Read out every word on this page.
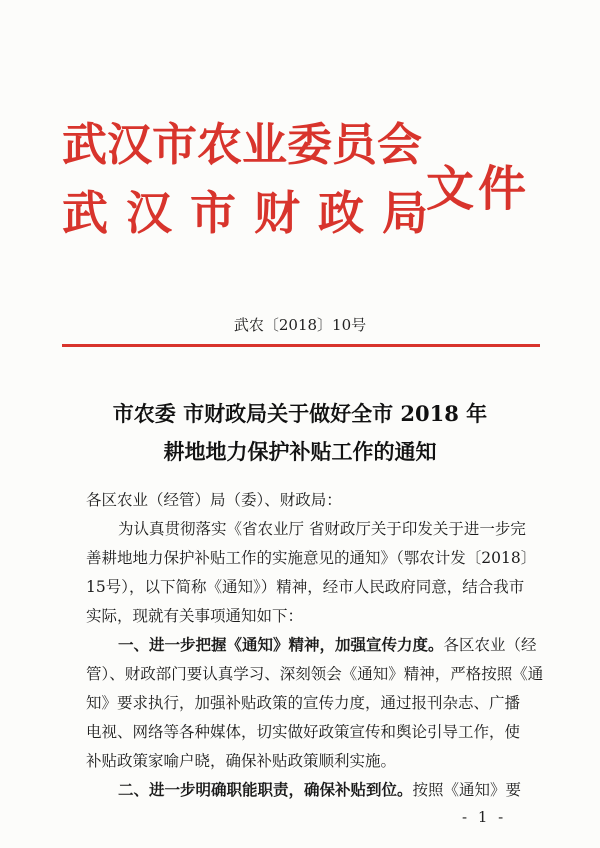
武汉市农业委员会
武汉市财政局
文件
武农〔2018〕10号
市农委 市财政局关于做好全市 2018 年
耕地地力保护补贴工作的通知
各区农业（经管）局（委）、财政局：
为认真贯彻落实《省农业厅 省财政厅关于印发关于进一步完
善耕地地力保护补贴工作的实施意见的通知》（鄂农计发〔2018〕
15号），以下简称《通知》）精神，经市人民政府同意，结合我市
实际，现就有关事项通知如下：
一、进一步把握《通知》精神，加强宣传力度。各区农业（经
管）、财政部门要认真学习、深刻领会《通知》精神，严格按照《通
知》要求执行，加强补贴政策的宣传力度，通过报刊杂志、广播
电视、网络等各种媒体，切实做好政策宣传和舆论引导工作，使
补贴政策家喻户晓，确保补贴政策顺利实施。
二、进一步明确职能职责，确保补贴到位。按照《通知》要
- 1 -
